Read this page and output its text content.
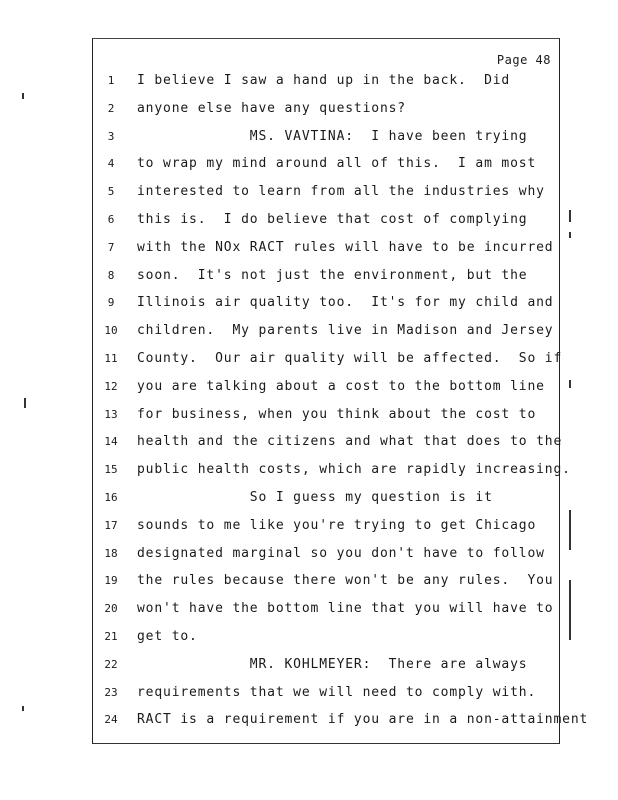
Page 48
1	I believe I saw a hand up in the back.  Did
2	anyone else have any questions?
3	MS. VAVTINA:  I have been trying
4	to wrap my mind around all of this.  I am most
5	interested to learn from all the industries why
6	this is.  I do believe that cost of complying
7	with the NOx RACT rules will have to be incurred
8	soon.  It's not just the environment, but the
9	Illinois air quality too.  It's for my child and
10	children.  My parents live in Madison and Jersey
11	County.  Our air quality will be affected.  So if
12	you are talking about a cost to the bottom line
13	for business, when you think about the cost to
14	health and the citizens and what that does to the
15	public health costs, which are rapidly increasing.
16	So I guess my question is it
17	sounds to me like you're trying to get Chicago
18	designated marginal so you don't have to follow
19	the rules because there won't be any rules.  You
20	won't have the bottom line that you will have to
21	get to.
22	MR. KOHLMEYER:  There are always
23	requirements that we will need to comply with.
24	RACT is a requirement if you are in a non-attainment
